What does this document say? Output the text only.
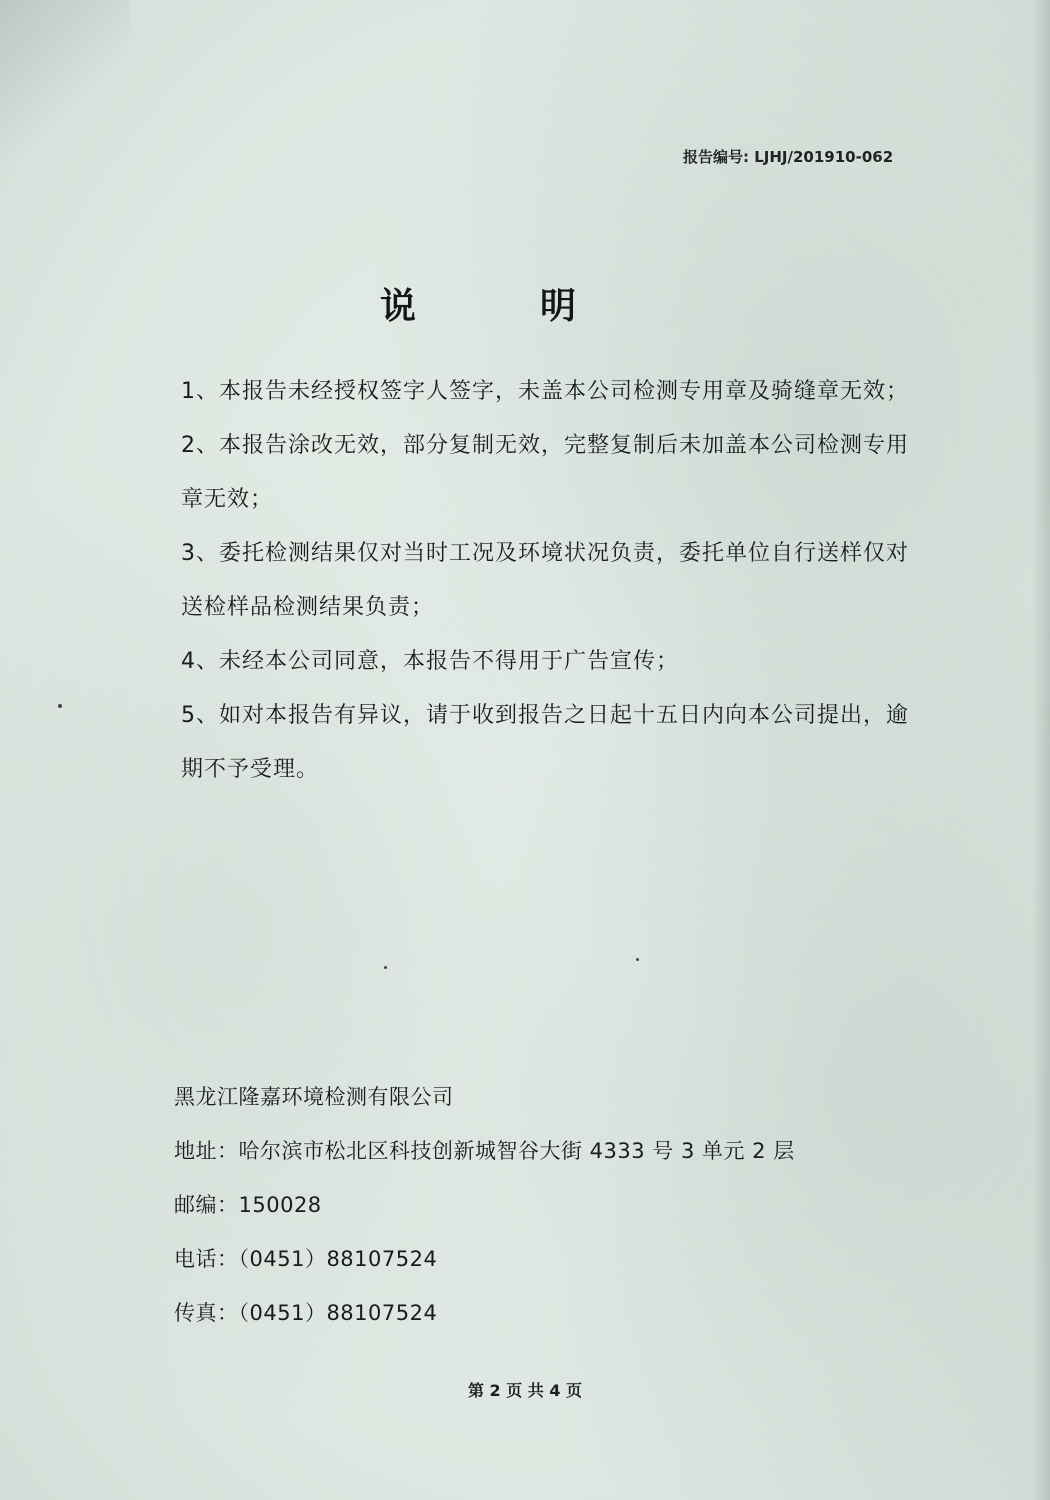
报告编号: LJHJ/201910-062
说明

1、本报告未经授权签字人签字，未盖本公司检测专用章及骑缝章无效；

2、本报告涂改无效，部分复制无效，完整复制后未加盖本公司检测专用章无效；

3、委托检测结果仅对当时工况及环境状况负责，委托单位自行送样仅对送检样品检测结果负责；

4、未经本公司同意，本报告不得用于广告宣传；

5、如对本报告有异议，请于收到报告之日起十五日内向本公司提出，逾期不予受理。

黑龙江隆嘉环境检测有限公司
地址：哈尔滨市松北区科技创新城智谷大街 4333 号 3 单元 2 层
邮编：150028
电话：（0451）88107524
传真：（0451）88107524
第 2 页 共 4 页
